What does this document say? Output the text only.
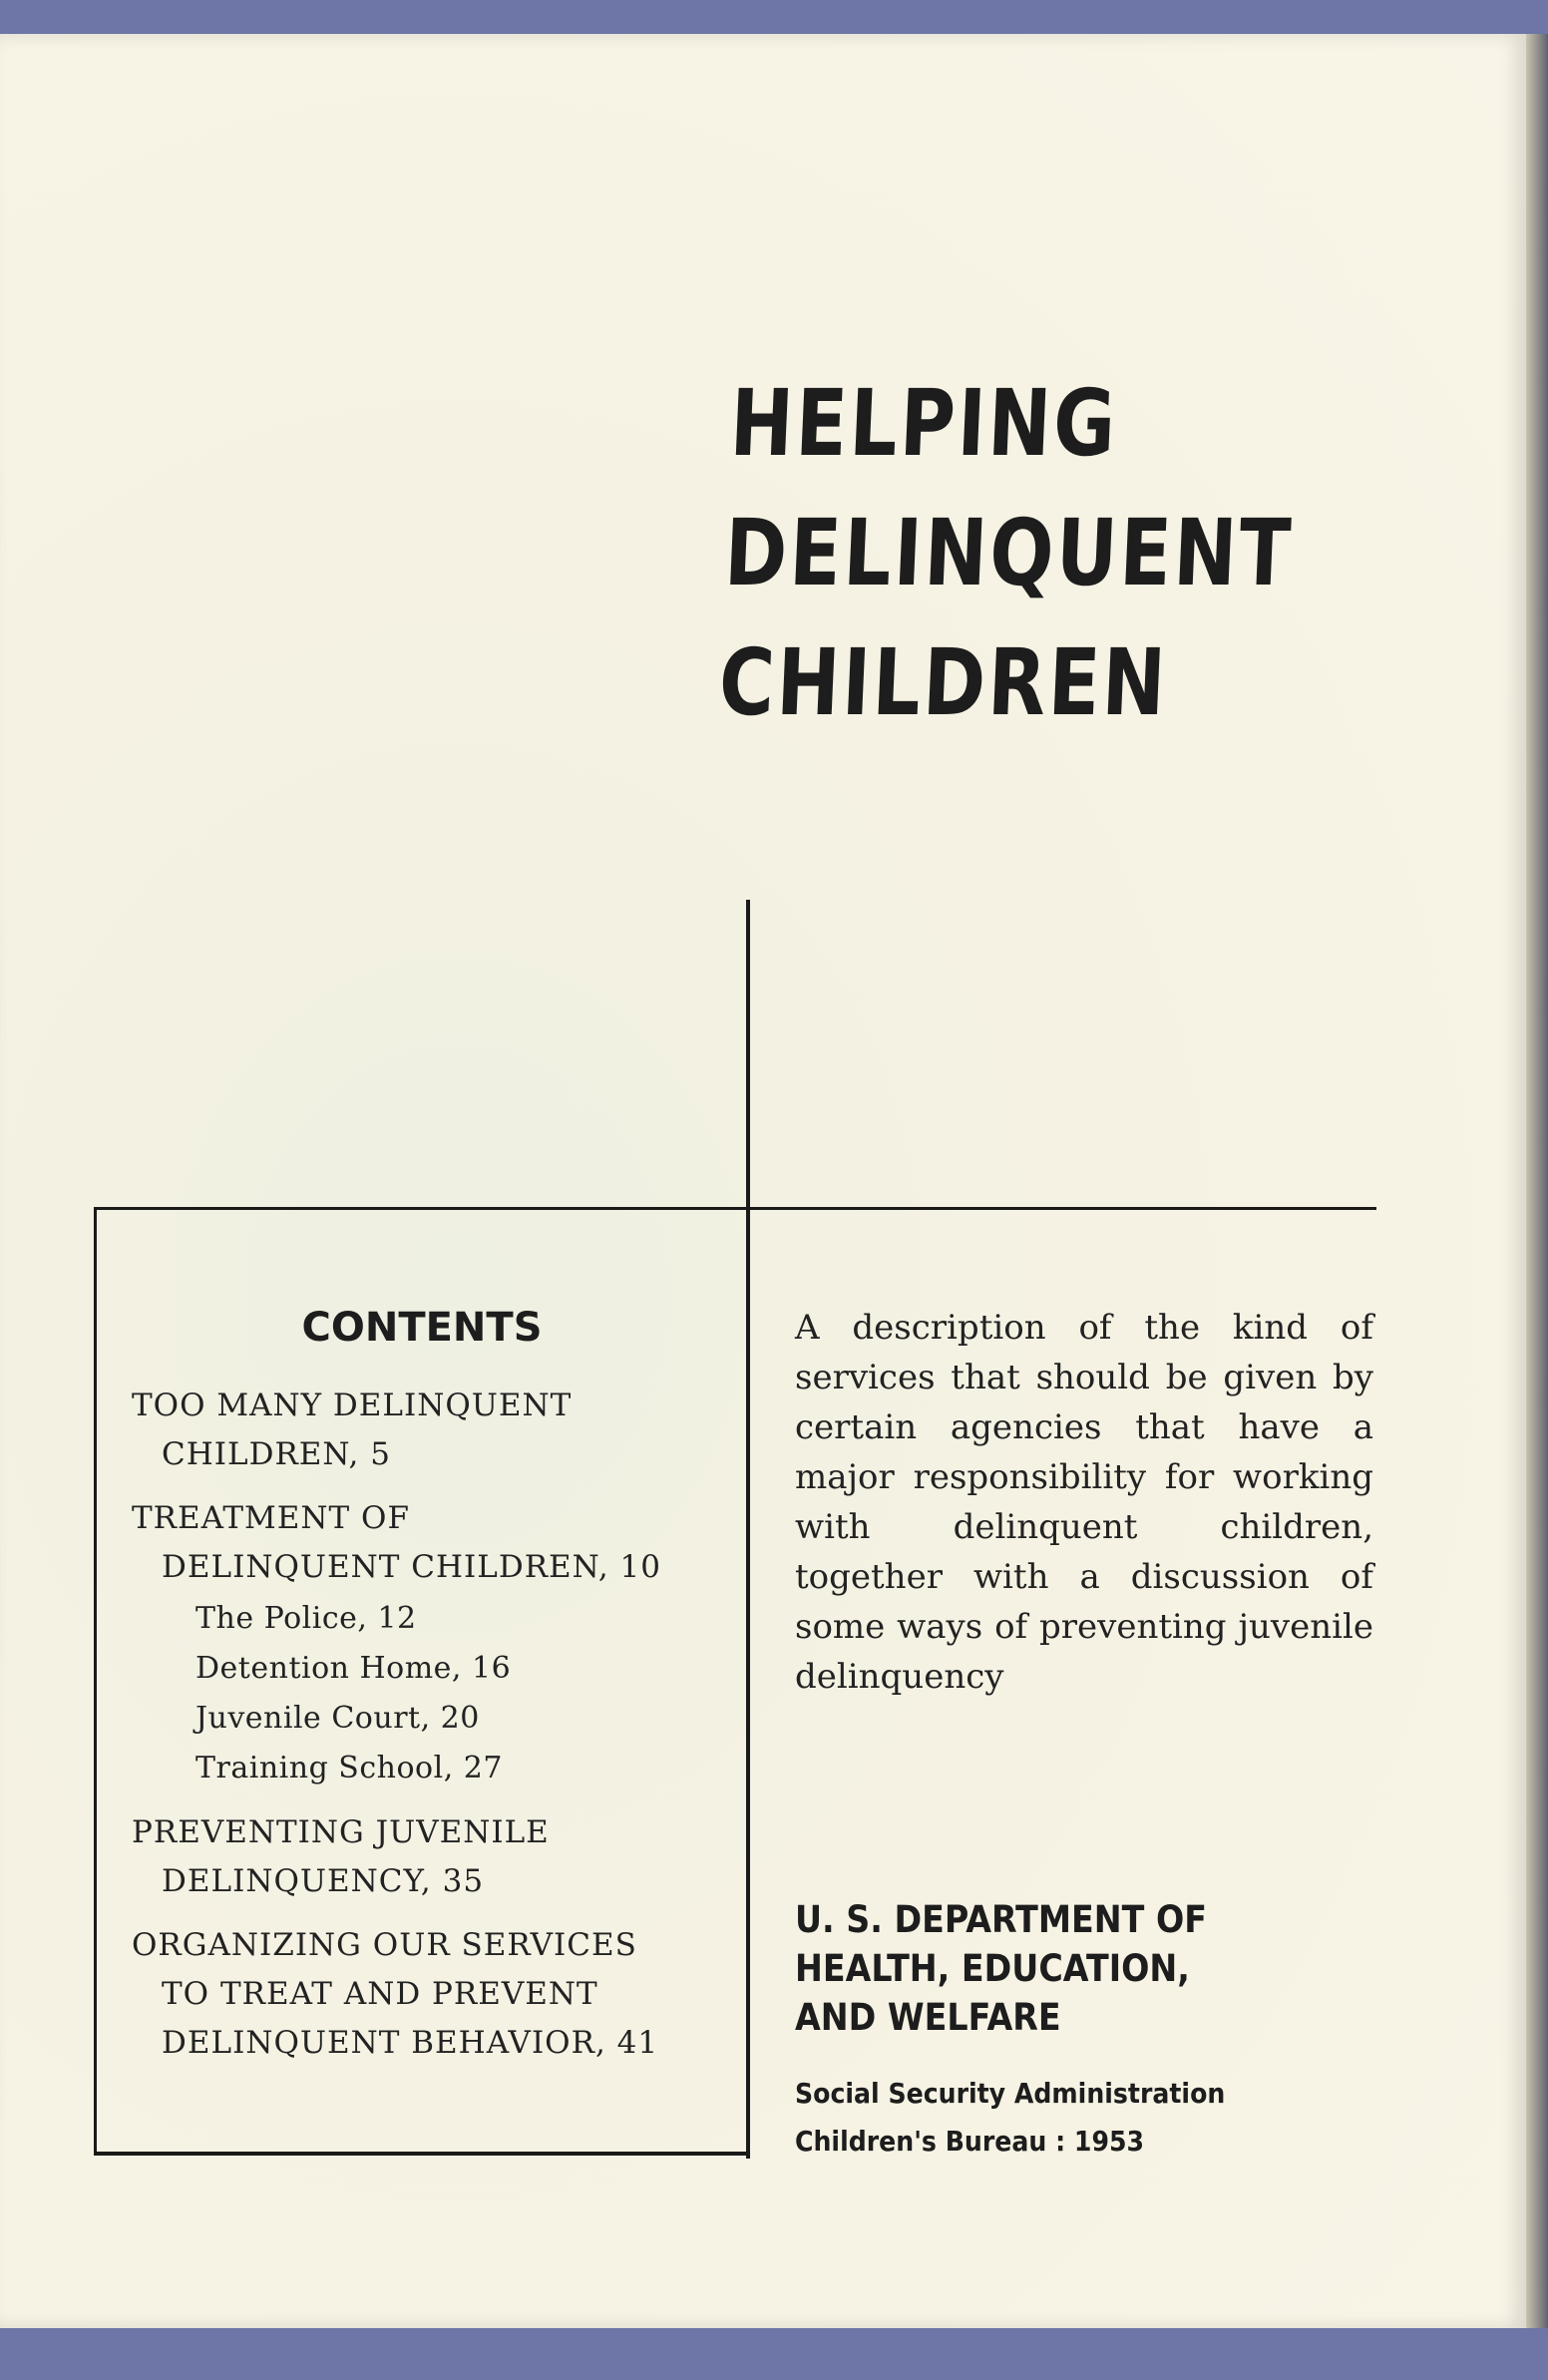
HELPING
DELINQUENT
CHILDREN
CONTENTS
TOO MANY DELINQUENT
CHILDREN, 5
TREATMENT OF
DELINQUENT CHILDREN, 10
The Police, 12
Detention Home, 16
Juvenile Court, 20
Training School, 27
PREVENTING JUVENILE
DELINQUENCY, 35
ORGANIZING OUR SERVICES
TO TREAT AND PREVENT
DELINQUENT BEHAVIOR, 41

A description of the kind of services that should be given by certain agencies that have a major responsibility for working with delinquent children, together with a discussion of some ways of preventing juvenile delinquency

U. S. DEPARTMENT OF
HEALTH, EDUCATION,
AND WELFARE
Social Security Administration
Children's Bureau : 1953
